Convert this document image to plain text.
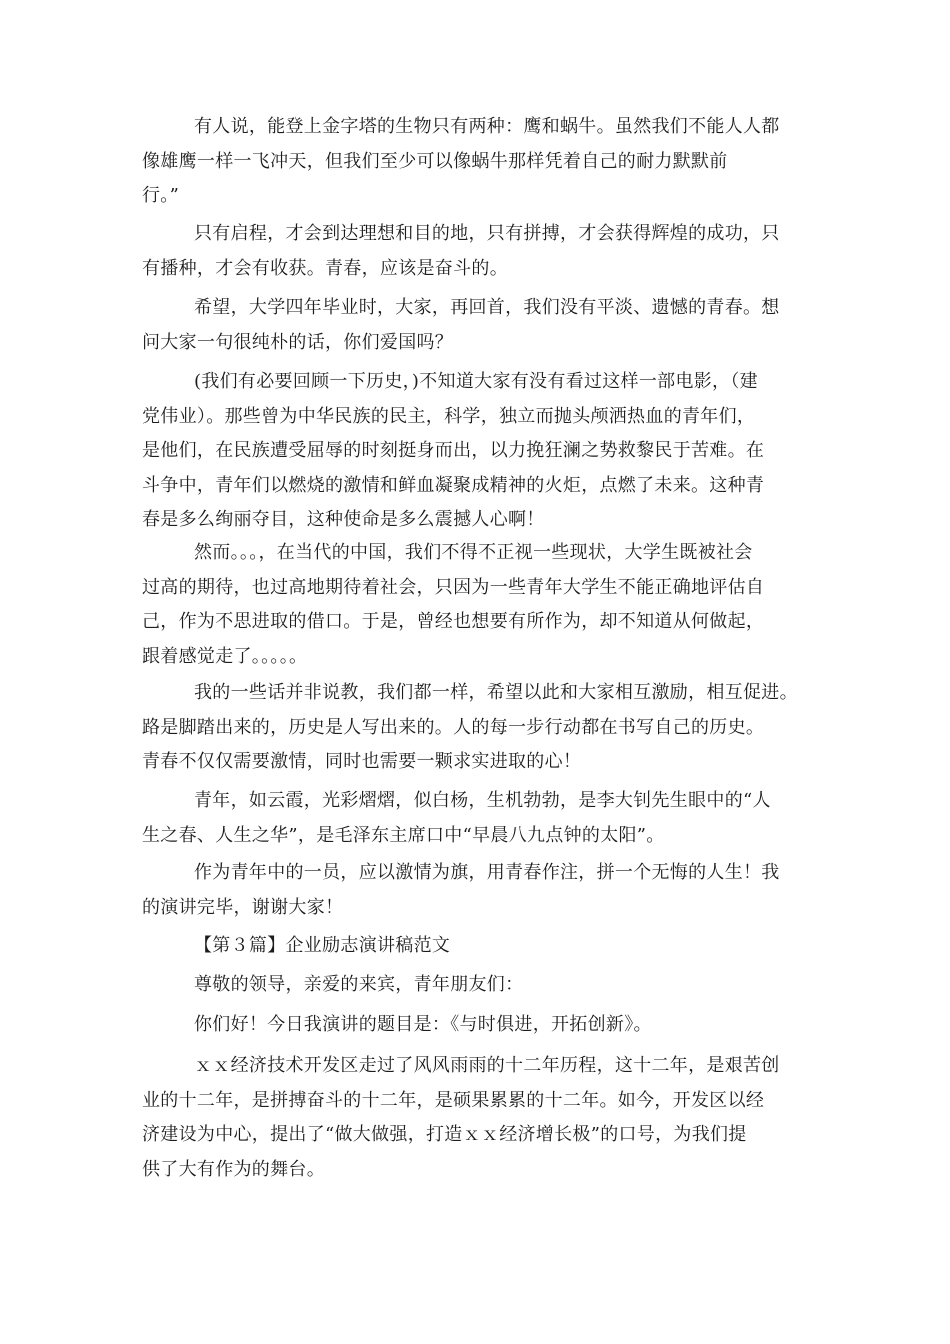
有人说，能登上金字塔的生物只有两种：鹰和蜗牛。虽然我们不能人人都
像雄鹰一样一飞冲天，但我们至少可以像蜗牛那样凭着自己的耐力默默前
行。”

只有启程，才会到达理想和目的地，只有拼搏，才会获得辉煌的成功，只
有播种，才会有收获。青春，应该是奋斗的。

希望，大学四年毕业时，大家，再回首，我们没有平淡、遗憾的青春。想
问大家一句很纯朴的话，你们爱国吗？

(我们有必要回顾一下历史，)不知道大家有没有看过这样一部电影，（建
党伟业）。那些曾为中华民族的民主，科学，独立而抛头颅洒热血的青年们，
是他们，在民族遭受屈辱的时刻挺身而出，以力挽狂澜之势救黎民于苦难。在
斗争中，青年们以燃烧的激情和鲜血凝聚成精神的火炬，点燃了未来。这种青
春是多么绚丽夺目，这种使命是多么震撼人心啊！

然而。。。，在当代的中国，我们不得不正视一些现状，大学生既被社会
过高的期待，也过高地期待着社会，只因为一些青年大学生不能正确地评估自
己，作为不思进取的借口。于是，曾经也想要有所作为，却不知道从何做起，
跟着感觉走了。。。。。

我的一些话并非说教，我们都一样，希望以此和大家相互激励，相互促进。
路是脚踏出来的，历史是人写出来的。人的每一步行动都在书写自己的历史。
青春不仅仅需要激情，同时也需要一颗求实进取的心！

青年，如云霞，光彩熠熠，似白杨，生机勃勃，是李大钊先生眼中的“人
生之春、人生之华”，是毛泽东主席口中“早晨八九点钟的太阳”。

作为青年中的一员，应以激情为旗，用青春作注，拼一个无悔的人生！我
的演讲完毕，谢谢大家！

【第３篇】企业励志演讲稿范文

尊敬的领导，亲爱的来宾，青年朋友们：

你们好！今日我演讲的题目是：《与时俱进，开拓创新》。

ｘｘ经济技术开发区走过了风风雨雨的十二年历程，这十二年，是艰苦创
业的十二年，是拼搏奋斗的十二年，是硕果累累的十二年。如今，开发区以经
济建设为中心，提出了“做大做强，打造ｘｘ经济增长极”的口号，为我们提
供了大有作为的舞台。
